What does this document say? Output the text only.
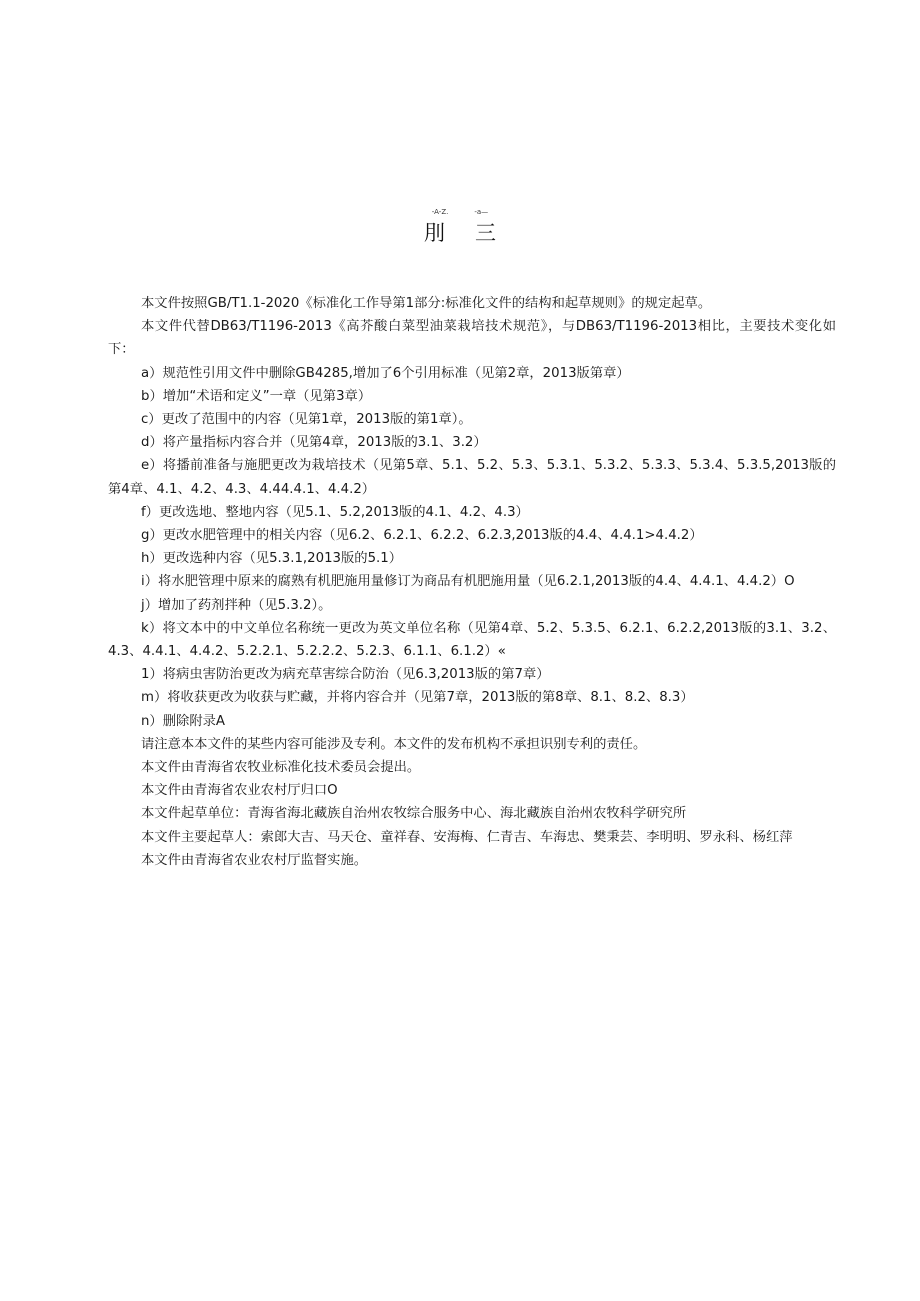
-A-Z.	-a—
刖 三

本文件按照GB/T1.1-2020《标准化工作导第1部分:标准化文件的结构和起草规则》的规定起草。

本文件代替DB63/T1196-2013《高芥酸白菜型油菜栽培技术规范》，与DB63/T1196-2013相比，主要技术变化如下：

a）规范性引用文件中删除GB4285,增加了6个引用标准（见第2章，2013版第章）

b）增加“术语和定义”一章（见第3章）

c）更改了范围中的内容（见第1章，2013版的第1章）。

d）将产量指标内容合并（见第4章，2013版的3.1、3.2）

e）将播前准备与施肥更改为栽培技术（见第5章、5.1、5.2、5.3、5.3.1、5.3.2、5.3.3、5.3.4、5.3.5,2013版的第4章、4.1、4.2、4.3、4.44.4.1、4.4.2）

f）更改选地、整地内容（见5.1、5.2,2013版的4.1、4.2、4.3）

g）更改水肥管理中的相关内容（见6.2、6.2.1、6.2.2、6.2.3,2013版的4.4、4.4.1>4.4.2）

h）更改选种内容（见5.3.1,2013版的5.1）

i）将水肥管理中原来的腐熟有机肥施用量修订为商品有机肥施用量（见6.2.1,2013版的4.4、4.4.1、4.4.2）O

j）增加了药剂拌种（见5.3.2）。

k）将文本中的中文单位名称统一更改为英文单位名称（见第4章、5.2、5.3.5、6.2.1、6.2.2,2013版的3.1、3.2、4.3、4.4.1、4.4.2、5.2.2.1、5.2.2.2、5.2.3、6.1.1、6.1.2）«

1）将病虫害防治更改为病充草害综合防治（见6.3,2013版的第7章）

m）将收获更改为收获与贮藏，并将内容合并（见第7章，2013版的第8章、8.1、8.2、8.3）

n）删除附录A

请注意本本文件的某些内容可能涉及专利。本文件的发布机构不承担识别专利的责任。

本文件由青海省农牧业标准化技术委员会提出。

本文件由青海省农业农村厅归口O

本文件起草单位：青海省海北藏族自治州农牧综合服务中心、海北藏族自治州农牧科学研究所

本文件主要起草人：索郎大吉、马天仓、童祥春、安海梅、仁青吉、车海忠、樊秉芸、李明明、罗永科、杨红萍

本文件由青海省农业农村厅监督实施。
